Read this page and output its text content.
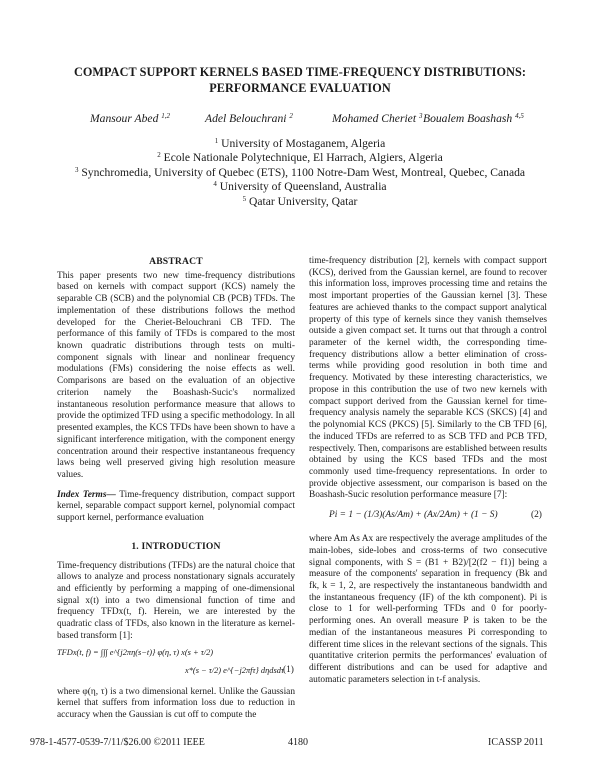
COMPACT SUPPORT KERNELS BASED TIME-FREQUENCY DISTRIBUTIONS:
PERFORMANCE EVALUATION
Mansour Abed $^{1,2}$	Adel Belouchrani $^2$	Mohamed Cheriet $^3$ Boualem Boashash $^{4,5}$
$^1$ University of Mostaganem, Algeria
$^2$ Ecole Nationale Polytechnique, El Harrach, Algiers, Algeria
$^3$ Synchromedia, University of Quebec (ETS), 1100 Notre-Dam West, Montreal, Quebec, Canada
$^4$ University of Queensland, Australia
$^5$ Qatar University, Qatar
ABSTRACT

This paper presents two new time-frequency distributions based on kernels with compact support (KCS) namely the separable CB (SCB) and the polynomial CB (PCB) TFDs. The implementation of these distributions follows the method developed for the Cheriet-Belouchrani CB TFD. The performance of this family of TFDs is compared to the most known quadratic distributions through tests on multi-component signals with linear and nonlinear frequency modulations (FMs) considering the noise effects as well. Comparisons are based on the evaluation of an objective criterion namely the Boashash-Sucic's normalized instantaneous resolution performance measure that allows to provide the optimized TFD using a specific methodology. In all presented examples, the KCS TFDs have been shown to have a significant interference mitigation, with the component energy concentration around their respective instantaneous frequency laws being well preserved giving high resolution measure values.

Index Terms— Time-frequency distribution, compact support kernel, separable compact support kernel, polynomial compact support kernel, performance evaluation

1. INTRODUCTION

Time-frequency distributions (TFDs) are the natural choice that allows to analyze and process nonstationary signals accurately and efficiently by performing a mapping of one-dimensional signal x(t) into a two dimensional function of time and frequency TFDx(t, f). Herein, we are interested by the quadratic class of TFDs, also known in the literature as kernel-based transform [1]:

TFDx(t, f) = ∫∫∫ e^{j2πη(s−t)} φ(η, τ) x(s + τ/2)
x*(s − τ/2) e^{−j2πfτ} dηdsdτ (1)

where φ(η, τ) is a two dimensional kernel. Unlike the Gaussian kernel that suffers from information loss due to reduction in accuracy when the Gaussian is cut off to compute the

time-frequency distribution [2], kernels with compact support (KCS), derived from the Gaussian kernel, are found to recover this information loss, improves processing time and retains the most important properties of the Gaussian kernel [3]. These features are achieved thanks to the compact support analytical property of this type of kernels since they vanish themselves outside a given compact set. It turns out that through a control parameter of the kernel width, the corresponding time-frequency distributions allow a better elimination of cross-terms while providing good resolution in both time and frequency. Motivated by these interesting characteristics, we propose in this contribution the use of two new kernels with compact support derived from the Gaussian kernel for time-frequency analysis namely the separable KCS (SKCS) [4] and the polynomial KCS (PKCS) [5]. Similarly to the CB TFD [6], the induced TFDs are referred to as SCB TFD and PCB TFD, respectively. Then, comparisons are established between results obtained by using the KCS based TFDs and the most commonly used time-frequency representations. In order to provide objective assessment, our comparison is based on the Boashash-Sucic resolution performance measure [7]:

Pi = 1 − (1/3)(As/Am) + (Ax/2Am) + (1 − S)	(2)

where Am As Ax are respectively the average amplitudes of the main-lobes, side-lobes and cross-terms of two consecutive signal components, with S = (B1 + B2)/[2(f2 − f1)] being a measure of the components' separation in frequency (Bk and fk, k = 1, 2, are respectively the instantaneous bandwidth and the instantaneous frequency (IF) of the kth component). Pi is close to 1 for well-performing TFDs and 0 for poorly-performing ones. An overall measure P is taken to be the median of the instantaneous measures Pi corresponding to different time slices in the relevant sections of the signals. This quantitative criterion permits the performances' evaluation of different distributions and can be used for adaptive and automatic parameters selection in t-f analysis.

978-1-4577-0539-7/11/$26.00 ©2011 IEEE	4180	ICASSP 2011
